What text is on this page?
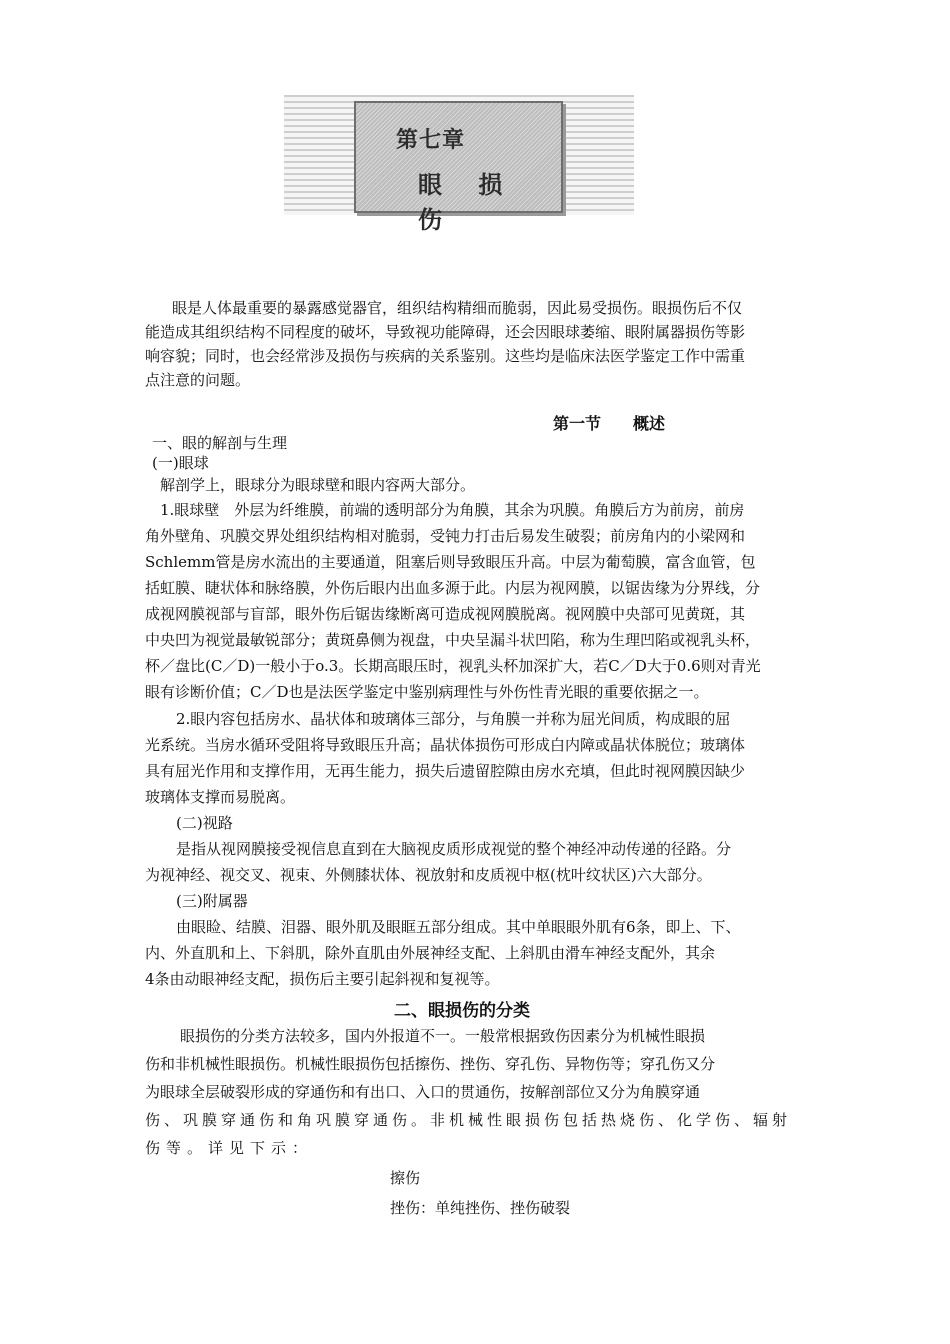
第七章
眼 损 伤
眼是人体最重要的暴露感觉器官，组织结构精细而脆弱，因此易受损伤。眼损伤后不仅
能造成其组织结构不同程度的破坏，导致视功能障碍，还会因眼球萎缩、眼附属器损伤等影
响容貌；同时，也会经常涉及损伤与疾病的关系鉴别。这些均是临床法医学鉴定工作中需重
点注意的问题。
第一节　　概述
一、眼的解剖与生理
(一)眼球
解剖学上，眼球分为眼球壁和眼内容两大部分。
1.眼球壁　外层为纤维膜，前端的透明部分为角膜，其余为巩膜。角膜后方为前房，前房
角外壁角、巩膜交界处组织结构相对脆弱，受钝力打击后易发生破裂；前房角内的小梁网和
Schlemm管是房水流出的主要通道，阻塞后则导致眼压升高。中层为葡萄膜，富含血管，包
括虹膜、睫状体和脉络膜，外伤后眼内出血多源于此。内层为视网膜，以锯齿缘为分界线，分
成视网膜视部与盲部，眼外伤后锯齿缘断离可造成视网膜脱离。视网膜中央部可见黄斑，其
中央凹为视觉最敏锐部分；黄斑鼻侧为视盘，中央呈漏斗状凹陷，称为生理凹陷或视乳头杯，
杯／盘比(C／D)一般小于o.3。长期高眼压时，视乳头杯加深扩大，若C／D大于0.6则对青光
眼有诊断价值；C／D也是法医学鉴定中鉴别病理性与外伤性青光眼的重要依据之一。
2.眼内容包括房水、晶状体和玻璃体三部分，与角膜一并称为屈光间质，构成眼的屈
光系统。当房水循环受阻将导致眼压升高；晶状体损伤可形成白内障或晶状体脱位；玻璃体
具有屈光作用和支撑作用，无再生能力，损失后遗留腔隙由房水充填，但此时视网膜因缺少
玻璃体支撑而易脱离。
(二)视路
是指从视网膜接受视信息直到在大脑视皮质形成视觉的整个神经冲动传递的径路。分
为视神经、视交叉、视束、外侧膝状体、视放射和皮质视中枢(枕叶纹状区)六大部分。
(三)附属器
由眼睑、结膜、泪器、眼外肌及眼眶五部分组成。其中单眼眼外肌有6条，即上、下、
内、外直肌和上、下斜肌，除外直肌由外展神经支配、上斜肌由滑车神经支配外，其余
4条由动眼神经支配，损伤后主要引起斜视和复视等。
二、眼损伤的分类
眼损伤的分类方法较多，国内外报道不一。一般常根据致伤因素分为机械性眼损
伤和非机械性眼损伤。机械性眼损伤包括擦伤、挫伤、穿孔伤、异物伤等；穿孔伤又分
为眼球全层破裂形成的穿通伤和有出口、入口的贯通伤，按解剖部位又分为角膜穿通
伤、巩膜穿通伤和角巩膜穿通伤。非机械性眼损伤包括热烧伤、化学伤、辐射
伤等。详见下示：
擦伤
挫伤：单纯挫伤、挫伤破裂
